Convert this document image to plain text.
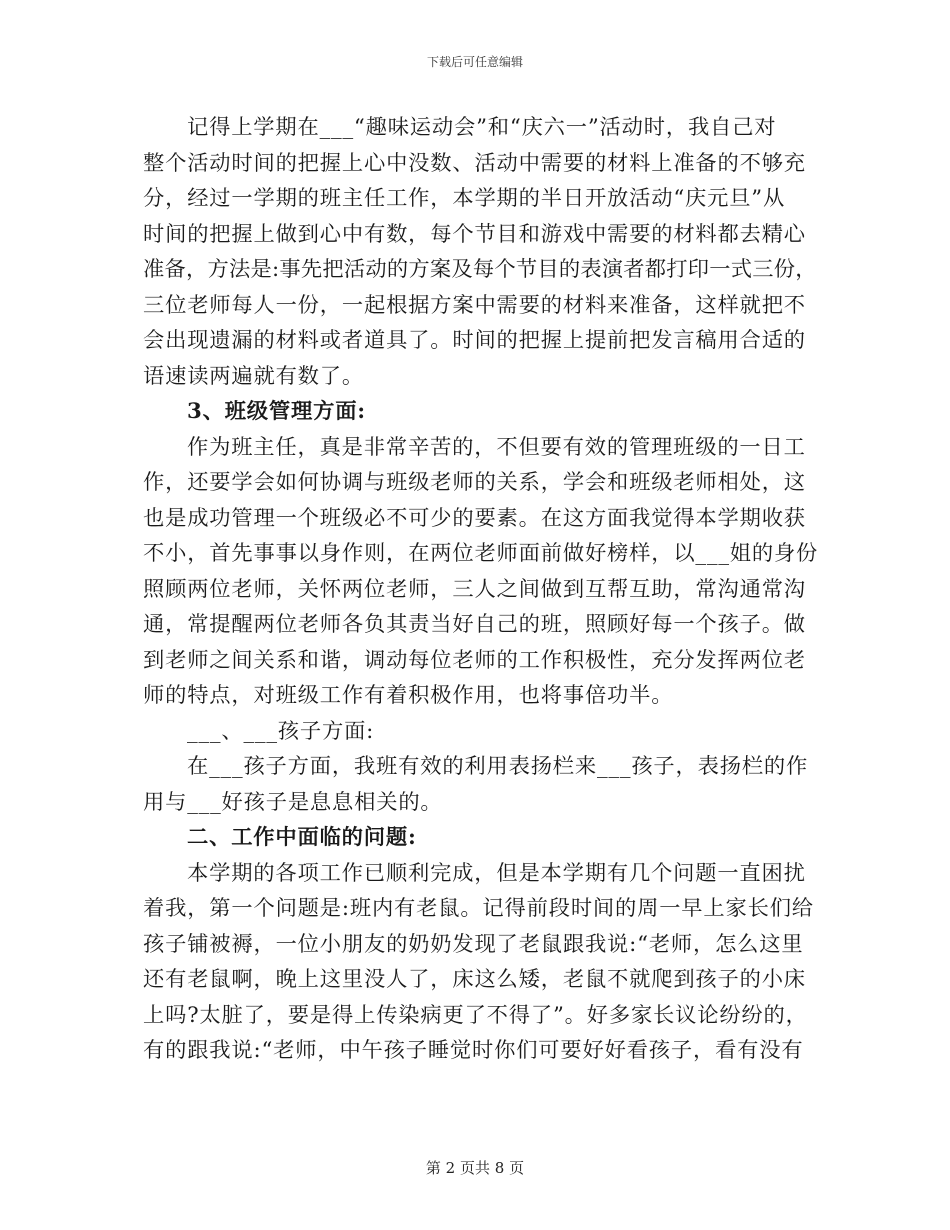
下载后可任意编辑

记得上学期在___“趣味运动会”和“庆六一”活动时，我自己对
整个活动时间的把握上心中没数、活动中需要的材料上准备的不够充
分，经过一学期的班主任工作，本学期的半日开放活动“庆元旦”从
时间的把握上做到心中有数，每个节目和游戏中需要的材料都去精心
准备，方法是:事先把活动的方案及每个节目的表演者都打印一式三份，
三位老师每人一份，一起根据方案中需要的材料来准备，这样就把不
会出现遗漏的材料或者道具了。时间的把握上提前把发言稿用合适的
语速读两遍就有数了。

3、班级管理方面:

作为班主任，真是非常辛苦的，不但要有效的管理班级的一日工
作，还要学会如何协调与班级老师的关系，学会和班级老师相处，这
也是成功管理一个班级必不可少的要素。在这方面我觉得本学期收获
不小，首先事事以身作则，在两位老师面前做好榜样，以___姐的身份
照顾两位老师，关怀两位老师，三人之间做到互帮互助，常沟通常沟
通，常提醒两位老师各负其责当好自己的班，照顾好每一个孩子。做
到老师之间关系和谐，调动每位老师的工作积极性，充分发挥两位老
师的特点，对班级工作有着积极作用，也将事倍功半。

___、___孩子方面:

在___孩子方面，我班有效的利用表扬栏来___孩子，表扬栏的作
用与___好孩子是息息相关的。

二、工作中面临的问题:

本学期的各项工作已顺利完成，但是本学期有几个问题一直困扰
着我，第一个问题是:班内有老鼠。记得前段时间的周一早上家长们给
孩子铺被褥，一位小朋友的奶奶发现了老鼠跟我说:“老师，怎么这里
还有老鼠啊，晚上这里没人了，床这么矮，老鼠不就爬到孩子的小床
上吗?太脏了，要是得上传染病更了不得了”。好多家长议论纷纷的，
有的跟我说:“老师，中午孩子睡觉时你们可要好好看孩子，看有没有

第 2 页共 8 页
